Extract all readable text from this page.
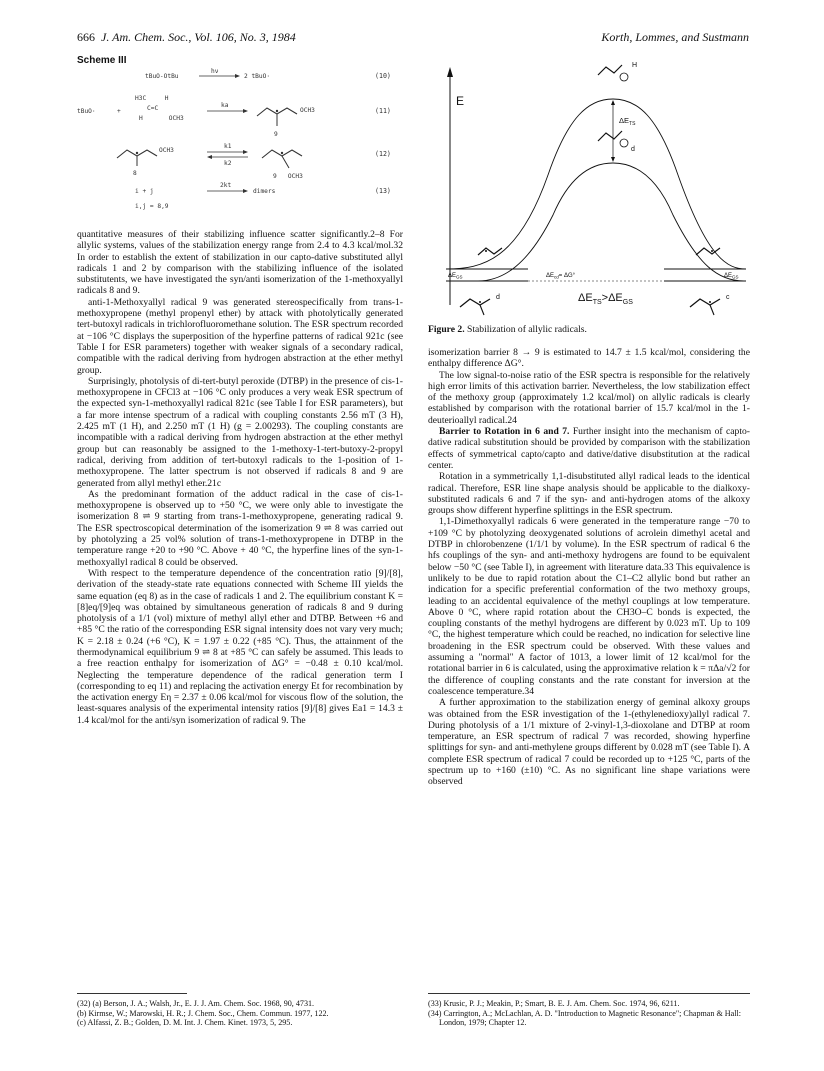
666 J. Am. Chem. Soc., Vol. 106, No. 3, 1984	Korth, Lommes, and Sustmann
Scheme III
tBuO-OtBu
hν
2 tBuO·	(10)
tBuO·	+
H3C     H
C=C
H       OCH3
ka
OCH3
9
(11)
OCH3
8
k1
k2
9   OCH3
(12)
i + j
2kt
dimers	(13)
i,j = 8,9
E
H
d
$\Delta E_{TS}$
$\Delta E_{GS}$	$\Delta E_{GS}$
$\Delta E_{cd}= \Delta G^\circ$
$\Delta E_{TS}>\Delta E_{GS}$
d	c
Figure 2. Stabilization of allylic radicals.

quantitative measures of their stabilizing influence scatter significantly.2–8 For allylic systems, values of the stabilization energy range from 2.4 to 4.3 kcal/mol.32 In order to establish the extent of stabilization in our capto-dative substituted allyl radicals 1 and 2 by comparison with the stabilizing influence of the isolated substitutents, we have investigated the syn/anti isomerization of the 1-methoxyallyl radicals 8 and 9.

anti-1-Methoxyallyl radical 9 was generated stereospecifically from trans-1-methoxypropene (methyl propenyl ether) by attack with photolytically generated tert-butoxyl radicals in trichlorofluoromethane solution. The ESR spectrum recorded at −106 °C displays the superposition of the hyperfine patterns of radical 921c (see Table I for ESR parameters) together with weaker signals of a secondary radical, compatible with the radical deriving from hydrogen abstraction at the ether methyl group.

Surprisingly, photolysis of di-tert-butyl peroxide (DTBP) in the presence of cis-1-methoxypropene in CFCl3 at −106 °C only produces a very weak ESR spectrum of the expected syn-1-methoxyallyl radical 821c (see Table I for ESR parameters), but a far more intense spectrum of a radical with coupling constants 2.56 mT (3 H), 2.425 mT (1 H), and 2.250 mT (1 H) (g = 2.00293). The coupling constants are incompatible with a radical deriving from hydrogen abstraction at the ether methyl group but can reasonably be assigned to the 1-methoxy-1-tert-butoxy-2-propyl radical, deriving from addition of tert-butoxyl radicals to the 1-position of 1-methoxypropene. The latter spectrum is not observed if radicals 8 and 9 are generated from allyl methyl ether.21c

As the predominant formation of the adduct radical in the case of cis-1-methoxypropene is observed up to +50 °C, we were only able to investigate the isomerization 8 ⇌ 9 starting from trans-1-methoxypropene, generating radical 9. The ESR spectroscopical determination of the isomerization 9 ⇌ 8 was carried out by photolyzing a 25 vol% solution of trans-1-methoxypropene in DTBP in the temperature range +20 to +90 °C. Above + 40 °C, the hyperfine lines of the syn-1-methoxyallyl radical 8 could be observed.

With respect to the temperature dependence of the concentration ratio [9]/[8], derivation of the steady-state rate equations connected with Scheme III yields the same equation (eq 8) as in the case of radicals 1 and 2. The equilibrium constant K = [8]eq/[9]eq was obtained by simultaneous generation of radicals 8 and 9 during photolysis of a 1/1 (vol) mixture of methyl allyl ether and DTBP. Between +6 and +85 °C the ratio of the corresponding ESR signal intensity does not vary very much; K = 2.18 ± 0.24 (+6 °C), K = 1.97 ± 0.22 (+85 °C). Thus, the attainment of the thermodynamical equilibrium 9 ⇌ 8 at +85 °C can safely be assumed. This leads to a free reaction enthalpy for isomerization of ΔG° = −0.48 ± 0.10 kcal/mol. Neglecting the temperature dependence of the radical generation term I (corresponding to eq 11) and replacing the activation energy Et for recombination by the activation energy Eη = 2.37 ± 0.06 kcal/mol for viscous flow of the solution, the least-squares analysis of the experimental intensity ratios [9]/[8] gives Ea1 = 14.3 ± 1.4 kcal/mol for the anti/syn isomerization of radical 9. The

isomerization barrier 8 → 9 is estimated to 14.7 ± 1.5 kcal/mol, considering the enthalpy difference ΔG°.

The low signal-to-noise ratio of the ESR spectra is responsible for the relatively high error limits of this activation barrier. Nevertheless, the low stabilization effect of the methoxy group (approximately 1.2 kcal/mol) on allylic radicals is clearly established by comparison with the rotational barrier of 15.7 kcal/mol in the 1-deuterioallyl radical.24

Barrier to Rotation in 6 and 7. Further insight into the mechanism of capto-dative radical substitution should be provided by comparison with the stabilization effects of symmetrical capto/capto and dative/dative disubstitution at the radical center.

Rotation in a symmetrically 1,1-disubstituted allyl radical leads to the identical radical. Therefore, ESR line shape analysis should be applicable to the dialkoxy-substituted radicals 6 and 7 if the syn- and anti-hydrogen atoms of the alkoxy groups show different hyperfine splittings in the ESR spectrum.

1,1-Dimethoxyallyl radicals 6 were generated in the temperature range −70 to +109 °C by photolyzing deoxygenated solutions of acrolein dimethyl acetal and DTBP in chlorobenzene (1/1/1 by volume). In the ESR spectrum of radical 6 the hfs couplings of the syn- and anti-methoxy hydrogens are found to be equivalent below −50 °C (see Table I), in agreement with literature data.33 This equivalence is unlikely to be due to rapid rotation about the C1–C2 allylic bond but rather an indication for a specific preferential conformation of the two methoxy groups, leading to an accidental equivalence of the methyl couplings at low temperature. Above 0 °C, where rapid rotation about the CH3O–C bonds is expected, the coupling constants of the methyl hydrogens are different by 0.023 mT. Up to 109 °C, the highest temperature which could be reached, no indication for selective line broadening in the ESR spectrum could be observed. With these values and assuming a "normal" A factor of 1013, a lower limit of 12 kcal/mol for the rotational barrier in 6 is calculated, using the approximative relation k = πΔa/√2 for the difference of coupling constants and the rate constant for inversion at the coalescence temperature.34

A further approximation to the stabilization energy of geminal alkoxy groups was obtained from the ESR investigation of the 1-(ethylenedioxy)allyl radical 7. During photolysis of a 1/1 mixture of 2-vinyl-1,3-dioxolane and DTBP at room temperature, an ESR spectrum of radical 7 was recorded, showing hyperfine splittings for syn- and anti-methylene groups different by 0.028 mT (see Table I). A complete ESR spectrum of radical 7 could be recorded up to +125 °C, parts of the spectrum up to +160 (±10) °C. As no significant line shape variations were observed

(32) (a) Berson, J. A.; Walsh, Jr., E. J. J. Am. Chem. Soc. 1968, 90, 4731.

(b) Kirmse, W.; Marowski, H. R.; J. Chem. Soc., Chem. Commun. 1977, 122.

(c) Alfassi, Z. B.; Golden, D. M. Int. J. Chem. Kinet. 1973, 5, 295.

(33) Krusic, P. J.; Meakin, P.; Smart, B. E. J. Am. Chem. Soc. 1974, 96, 6211.

(34) Carrington, A.; McLachlan, A. D. "Introduction to Magnetic Resonance"; Chapman & Hall: London, 1979; Chapter 12.
